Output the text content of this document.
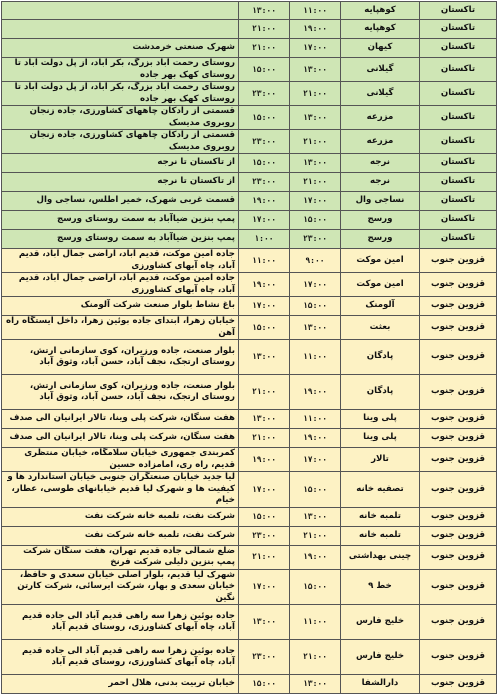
تاکستان	کوهپایه	۱۱:۰۰	۱۳:۰۰	
تاکستان	کوهپایه	۱۹:۰۰	۲۱:۰۰	
تاکستان	کیهان	۱۷:۰۰	۲۱:۰۰	شهرک صنعتی خرمدشت
تاکستان	گیلانی	۱۳:۰۰	۱۵:۰۰	روستای رحمت آباد بزرگ، بکر آباد، از پل دولت آباد تا روستای کهک بهر جاده
تاکستان	گیلانی	۲۱:۰۰	۲۳:۰۰	روستای رحمت آباد بزرگ، بکر آباد، از پل دولت آباد تا روستای کهک بهر جاده
تاکستان	مزرعه	۱۳:۰۰	۱۵:۰۰	قسمتی از رادکان چاههای کشاورزی، جاده زنجان روبروی مدیسک
تاکستان	مزرعه	۲۱:۰۰	۲۳:۰۰	قسمتی از رادکان چاههای کشاورزی، جاده زنجان روبروی مدیسک
تاکستان	نرجه	۱۳:۰۰	۱۵:۰۰	از تاکستان تا نرجه
تاکستان	نرجه	۲۱:۰۰	۲۳:۰۰	از تاکستان تا نرجه
تاکستان	نساجی وال	۱۷:۰۰	۱۹:۰۰	قسمت غربی شهرک، خمیر اطلس، نساجی وال
تاکستان	ورسج	۱۵:۰۰	۱۷:۰۰	پمپ بنزین ضیاآباد به سمت روستای ورسج
تاکستان	ورسج	۲۳:۰۰	۱:۰۰	پمپ بنزین ضیاآباد به سمت روستای ورسج
قزوین جنوب	امین موکت	۹:۰۰	۱۱:۰۰	جاده امین موکت، قدیم آباد، اراضی جمال آباد، قدیم آباد، چاه آبهای کشاورزی
قزوین جنوب	امین موکت	۱۷:۰۰	۱۹:۰۰	جاده امین موکت، قدیم آباد، اراضی جمال آباد، قدیم آباد، چاه آبهای کشاورزی
قزوین جنوب	آلومنک	۱۵:۰۰	۱۷:۰۰	باغ نشاط بلوار صنعت شرکت آلومنک
قزوین جنوب	بعثت	۱۳:۰۰	۱۵:۰۰	خیابان زهرا، ابتدای جاده بوئین زهرا، داخل ایستگاه راه آهن
قزوین جنوب	پادگان	۱۱:۰۰	۱۳:۰۰	بلوار صنعت، جاده ورزیران، کوی سازمانی ارتش، روستای ارتجک، نجف آباد، حسن آباد، وثوق آباد
قزوین جنوب	پادگان	۱۹:۰۰	۲۱:۰۰	بلوار صنعت، جاده ورزیران، کوی سازمانی ارتش، روستای ارتجک، نجف آباد، حسن آباد، وثوق آباد
قزوین جنوب	پلی وینا	۱۱:۰۰	۱۳:۰۰	هفت سنگان، شرکت پلی وینا، تالار ایرانیان الی صدف
قزوین جنوب	پلی وینا	۱۹:۰۰	۲۱:۰۰	هفت سنگان، شرکت پلی وینا، تالار ایرانیان الی صدف
قزوین جنوب	تالار	۱۷:۰۰	۱۹:۰۰	کمربندی جمهوری خیابان سلامگاه، خیابان منتظری قدیم، راه ری، امامزاده حسین
قزوین جنوب	تصفیه خانه	۱۵:۰۰	۱۷:۰۰	لیا جدید خیابان صنعتگران جنوبی خیابان استاندارد ها و کیفیت ها و شهرک لیا قدیم خیابانهای طوسی، عطار، خیام
قزوین جنوب	تلمبه خانه	۱۳:۰۰	۱۵:۰۰	شرکت نفت، تلمبه خانه شرکت نفت
قزوین جنوب	تلمبه خانه	۲۱:۰۰	۲۳:۰۰	شرکت نفت، تلمبه خانه شرکت نفت
قزوین جنوب	چینی بهداشتی	۱۹:۰۰	۲۱:۰۰	ضلع شمالی جاده قدیم تهران، هفت سنگان شرکت پمپ بنزین دلیلی شرکت فرنخ
قزوین جنوب	خط ۹	۱۵:۰۰	۱۷:۰۰	شهرک لیا قدیم، بلوار اصلی خیابان سعدی و حافظ، خیابان سعدی و بهار، شرکت ایرسائی، شرکت کارتن نگین
قزوین جنوب	خلیج فارس	۱۱:۰۰	۱۳:۰۰	جاده بوئین زهرا سه راهی قدیم آباد الی جاده قدیم آباد، چاه آبهای کشاورزی، روستای قدیم آباد
قزوین جنوب	خلیج فارس	۲۱:۰۰	۲۳:۰۰	جاده بوئین زهرا سه راهی قدیم آباد الی جاده قدیم آباد، چاه آبهای کشاورزی، روستای قدیم آباد
قزوین جنوب	دارالشفا	۱۳:۰۰	۱۵:۰۰	خیابان تربیت بدنی، هلال احمر
